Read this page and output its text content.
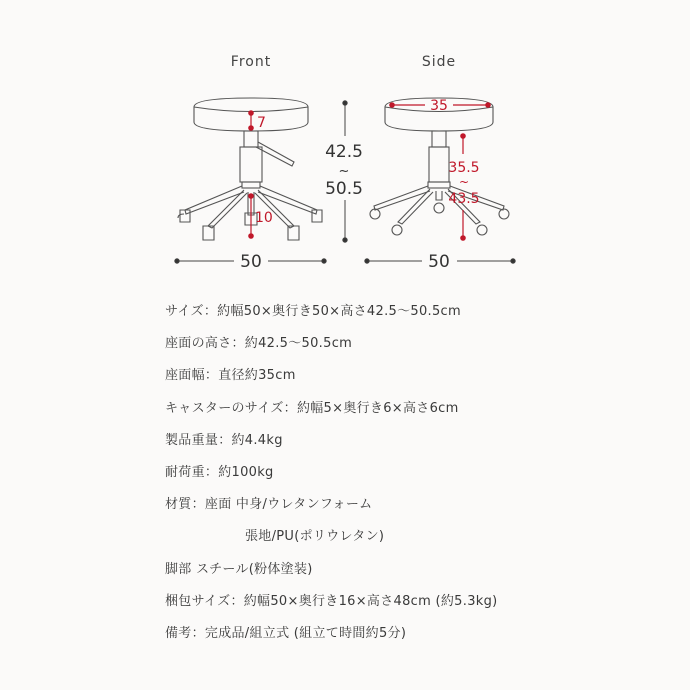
Front
7
10
42.5
~
50.5
50
Side
35
35.5
~
43.5
50
サイズ：約幅50×奥行き50×高さ42.5～50.5cm
座面の高さ：約42.5～50.5cm
座面幅：直径約35cm
キャスターのサイズ：約幅5×奥行き6×高さ6cm
製品重量：約4.4kg
耐荷重：約100kg
材質：座面 中身/ウレタンフォーム
張地/PU(ポリウレタン)
脚部 スチール(粉体塗装)
梱包サイズ：約幅50×奥行き16×高さ48cm (約5.3kg)
備考：完成品/組立式 (組立て時間約5分)
